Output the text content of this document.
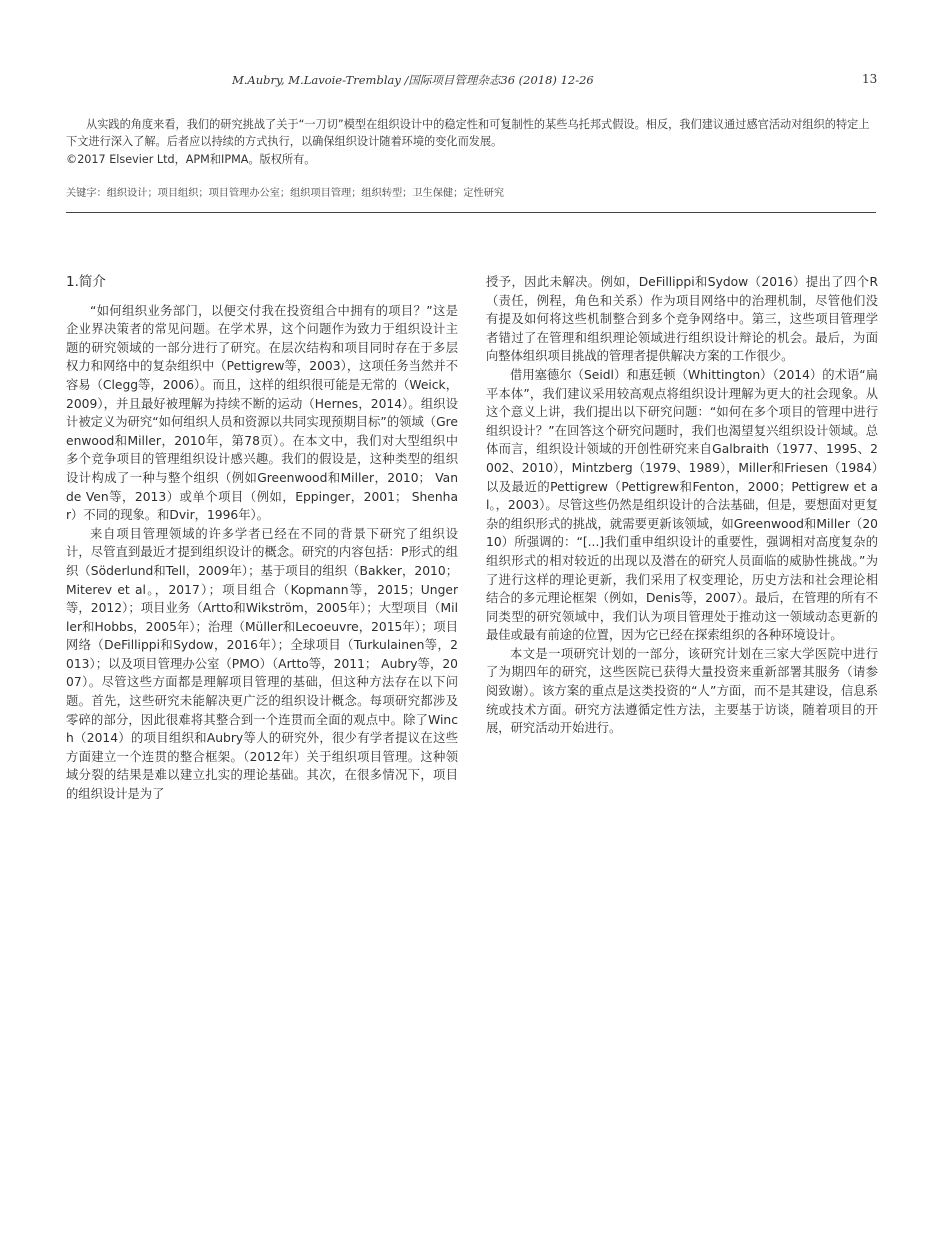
M.Aubry, M.Lavoie-Tremblay /国际项目管理杂志36 (2018) 12-26	13

从实践的角度来看，我们的研究挑战了关于“一刀切”模型在组织设计中的稳定性和可复制性的某些乌托邦式假设。相反，我们建议通过感官活动对组织的特定上下文进行深入了解。后者应以持续的方式执行，以确保组织设计随着环境的变化而发展。

©2017 Elsevier Ltd，APM和IPMA。版权所有。
关键字：组织设计；项目组织；项目管理办公室；组织项目管理；组织转型；卫生保健；定性研究
1.简介

“如何组织业务部门，以便交付我在投资组合中拥有的项目？”这是企业界决策者的常见问题。在学术界，这个问题作为致力于组织设计主题的研究领域的一部分进行了研究。在层次结构和项目同时存在于多层权力和网络中的复杂组织中（Pettigrew等，2003），这项任务当然并不容易（Clegg等，2006）。而且，这样的组织很可能是无常的（Weick，2009），并且最好被理解为持续不断的运动（Hernes，2014）。组织设计被定义为研究“如何组织人员和资源以共同实现预期目标”的领域（Greenwood和Miller，2010年，第78页）。在本文中，我们对大型组织中多个竞争项目的管理组织设计感兴趣。我们的假设是，这种类型的组织设计构成了一种与整个组织（例如Greenwood和Miller，2010； Van de Ven等，2013）或单个项目（例如，Eppinger，2001； Shenhar）不同的现象。和Dvir，1996年）。

来自项目管理领域的许多学者已经在不同的背景下研究了组织设计，尽管直到最近才提到组织设计的概念。研究的内容包括：P形式的组织（Söderlund和Tell，2009年）；基于项目的组织（Bakker，2010；Miterev et al。，2017）；项目组合（Kopmann等，2015；Unger等，2012）；项目业务（Artto和Wikström，2005年）；大型项目（Miller和Hobbs，2005年）；治理（Müller和Lecoeuvre，2015年）；项目网络（DeFillippi和Sydow，2016年）；全球项目（Turkulainen等，2013）；以及项目管理办公室（PMO）（Artto等，2011； Aubry等，2007）。尽管这些方面都是理解项目管理的基础，但这种方法存在以下问题。首先，这些研究未能解决更广泛的组织设计概念。每项研究都涉及零碎的部分，因此很难将其整合到一个连贯而全面的观点中。除了Winch（2014）的项目组织和Aubry等人的研究外，很少有学者提议在这些方面建立一个连贯的整合框架。（2012年）关于组织项目管理。这种领域分裂的结果是难以建立扎实的理论基础。其次，在很多情况下，项目的组织设计是为了

授予，因此未解决。例如，DeFillippi和Sydow（2016）提出了四个R（责任，例程，角色和关系）作为项目网络中的治理机制，尽管他们没有提及如何将这些机制整合到多个竞争网络中。第三，这些项目管理学者错过了在管理和组织理论领域进行组织设计辩论的机会。最后，为面向整体组织项目挑战的管理者提供解决方案的工作很少。

借用塞德尔（Seidl）和惠廷顿（Whittington）（2014）的术语“扁平本体”，我们建议采用较高观点将组织设计理解为更大的社会现象。从这个意义上讲，我们提出以下研究问题：“如何在多个项目的管理中进行组织设计？”在回答这个研究问题时，我们也渴望复兴组织设计领域。总体而言，组织设计领域的开创性研究来自Galbraith（1977、1995、2002、2010），Mintzberg（1979、1989），Miller和Friesen（1984）以及最近的Pettigrew（Pettigrew和Fenton，2000；Pettigrew et al。，2003）。尽管这些仍然是组织设计的合法基础，但是，要想面对更复杂的组织形式的挑战，就需要更新该领域，如Greenwood和Miller（2010）所强调的：“[...]我们重申组织设计的重要性，强调相对高度复杂的组织形式的相对较近的出现以及潜在的研究人员面临的威胁性挑战。”为了进行这样的理论更新，我们采用了权变理论，历史方法和社会理论相结合的多元理论框架（例如，Denis等，2007）。最后，在管理的所有不同类型的研究领域中，我们认为项目管理处于推动这一领域动态更新的最佳或最有前途的位置，因为它已经在探索组织的各种环境设计。

本文是一项研究计划的一部分，该研究计划在三家大学医院中进行了为期四年的研究，这些医院已获得大量投资来重新部署其服务（请参阅致谢）。该方案的重点是这类投资的“人”方面，而不是其建设，信息系统或技术方面。研究方法遵循定性方法，主要基于访谈，随着项目的开展，研究活动开始进行。
